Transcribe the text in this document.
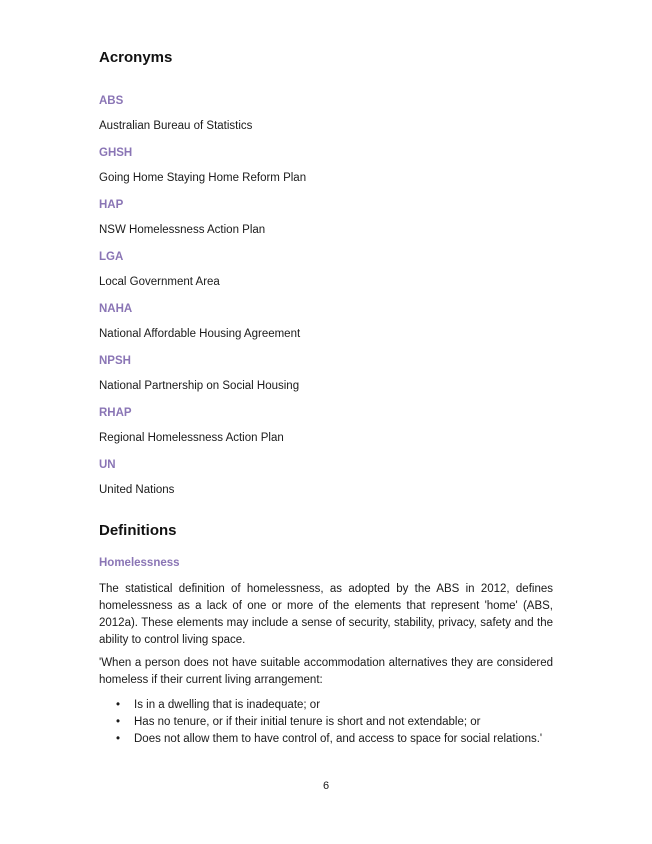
Acronyms

ABS

Australian Bureau of Statistics

GHSH

Going Home Staying Home Reform Plan

HAP

NSW Homelessness Action Plan

LGA

Local Government Area

NAHA

National Affordable Housing Agreement

NPSH

National Partnership on Social Housing

RHAP

Regional Homelessness Action Plan

UN

United Nations

Definitions

Homelessness

The statistical definition of homelessness, as adopted by the ABS in 2012, defines homelessness as a lack of one or more of the elements that represent 'home' (ABS, 2012a). These elements may include a sense of security, stability, privacy, safety and the ability to control living space.

'When a person does not have suitable accommodation alternatives they are considered homeless if their current living arrangement:

• Is in a dwelling that is inadequate; or
• Has no tenure, or if their initial tenure is short and not extendable; or
• Does not allow them to have control of, and access to space for social relations.'

6
